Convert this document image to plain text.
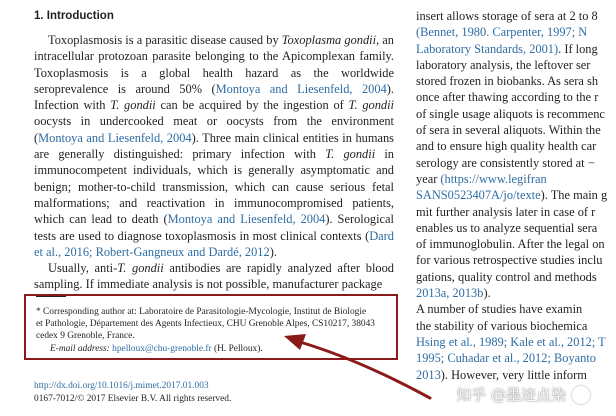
1. Introduction

Toxoplasmosis is a parasitic disease caused by Toxoplasma gondii, an intracellular protozoan parasite belonging to the Apicomplexan family. Toxoplasmosis is a global health hazard as the worldwide seroprevalence is around 50% (Montoya and Liesenfeld, 2004). Infection with T. gondii can be acquired by the ingestion of T. gondii oocysts in undercooked meat or oocysts from the environment (Montoya and Liesenfeld, 2004). Three main clinical entities in humans are generally distinguished: primary infection with T. gondii in immunocompetent individuals, which is generally asymptomatic and benign; mother-to-child transmission, which can cause serious fetal malformations; and reactivation in immunocompromised patients, which can lead to death (Montoya and Liesenfeld, 2004). Serological tests are used to diagnose toxoplasmosis in most clinical contexts (Dard et al., 2016; Robert-Gangneux and Dardé, 2012).

Usually, anti-T. gondii antibodies are rapidly analyzed after blood sampling. If immediate analysis is not possible, manufacturer package

insert allows storage of sera at 2 to 8
(Bennet, 1980. Carpenter, 1997; N
Laboratory Standards, 2001). If long
laboratory analysis, the leftover ser
stored frozen in biobanks. As sera sh
once after thawing according to the r
of single usage aliquots is recommenc
of sera in several aliquots. Within the
and to ensure high quality health car
serology are consistently stored at −
year (https://www.legifran
SANS0523407A/jo/texte). The main g
mit further analysis later in case of r
enables us to analyze sequential sera
of immunoglobulin. After the legal on
for various retrospective studies inclu
gations, quality control and methods
2013a, 2013b).
A number of studies have examin
the stability of various biochemica
Hsing et al., 1989; Kale et al., 2012; T
1995; Cuhadar et al., 2012; Boyanto
2013). However, very little inform
* Corresponding author at: Laboratoire de Parasitologie-Mycologie, Institut de Biologie
et Pathologie, Département des Agents Infectieux, CHU Grenoble Alpes, CS10217, 38043
cedex 9 Grenoble, France.
E-mail address: hpelloux@chu-grenoble.fr (H. Pelloux).
http://dx.doi.org/10.1016/j.mimet.2017.01.003
0167-7012/© 2017 Elsevier B.V. All rights reserved.	知乎 @墨迹点染
